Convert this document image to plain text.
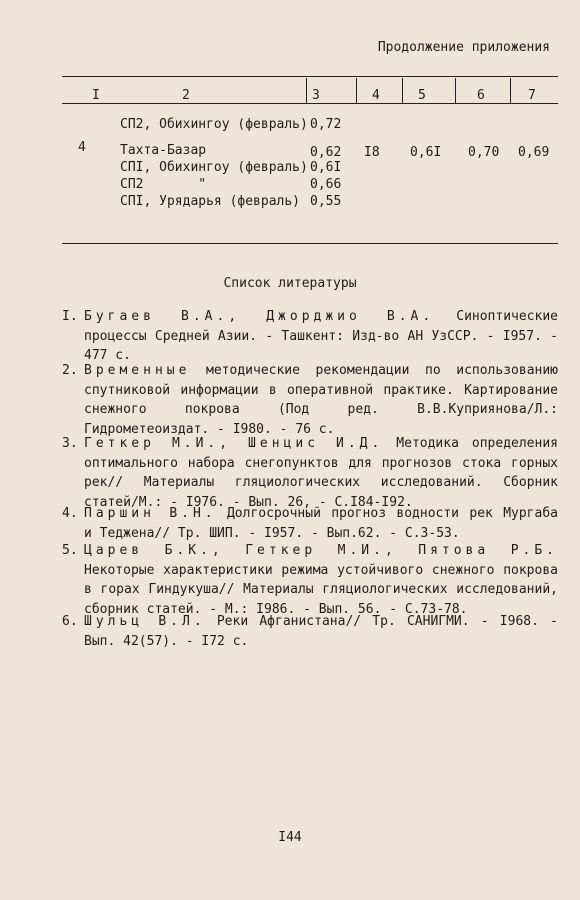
Продолжение приложения
I	2	3	4	5	6	7
СП2, Обихингоу (февраль) 0,72
4	Тахта-Базар	0,62 I8 0,6I 0,70 0,69
СПI, Обихингоу (февраль) 0,6I
СП2       "	0,66
СПI, Урядарья (февраль) 0,55
Список литературы
I. Бугаев В.А., Джорджио В.А. Синоптические процессы Средней Азии. - Ташкент: Изд-во АН УзССР. - I957. - 477 с.
2. Временные методические рекомендации по использованию спутниковой информации в оперативной практике. Картирование снежного покрова (Под ред. В.В.Куприянова/Л.: Гидрометеоиздат. - I980. - 76 с.
3. Геткер М.И., Шенцис И.Д. Методика определения оптимального набора снегопунктов для прогнозов стока горных рек// Материалы гляциологических исследований. Сборник статей/М.: - I976. - Вып. 26, - С.I84-I92.
4. Паршин В.Н. Долгосрочный прогноз водности рек Мургаба и Теджена// Тр. ШИП. - I957. - Вып.62. - С.3-53.
5. Царев Б.К., Геткер М.И., Пятова Р.Б. Некоторые характеристики режима устойчивого снежного покрова в горах Гиндукуша// Материалы гляциологических исследований, сборник статей. - М.: I986. - Вып. 56. - С.73-78.
6. Шульц В.Л. Реки Афганистана// Тр. САНИГМИ. - I968. - Вып. 42(57). - I72 с.
I44
